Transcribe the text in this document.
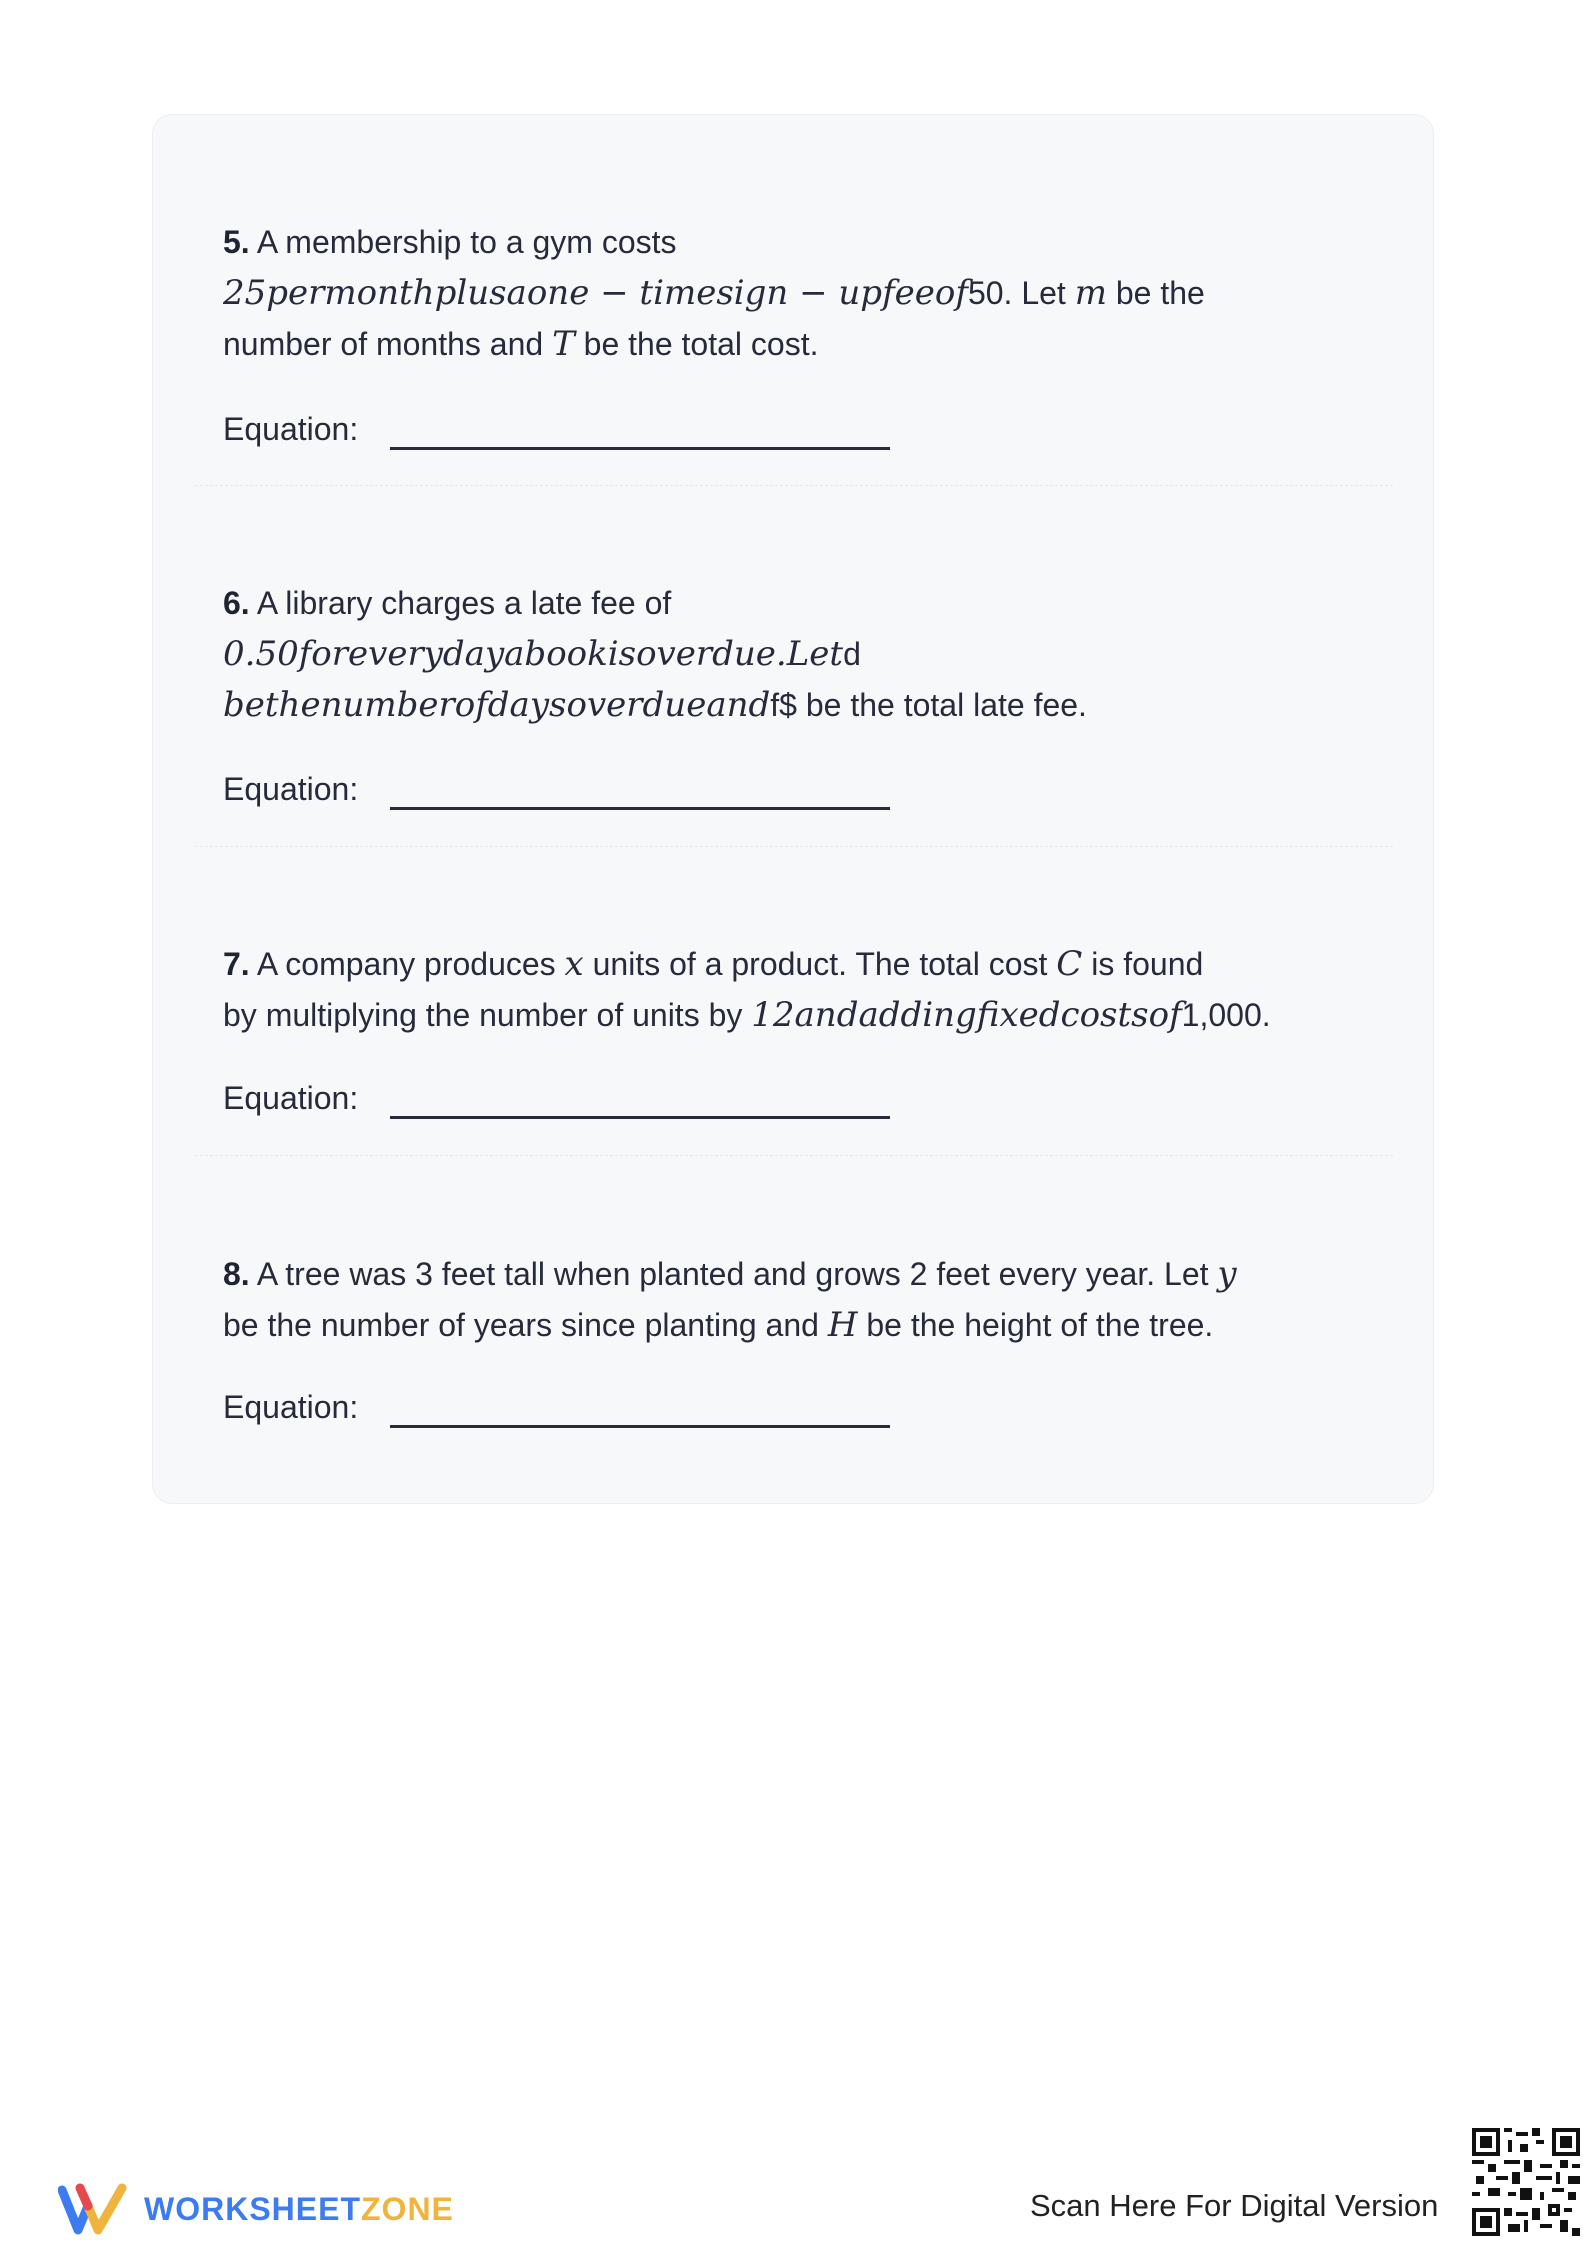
5. A membership to a gym costs
25permonthplusaone − timesign − upfeeof50. Let m be the
number of months and T be the total cost.

Equation:

6. A library charges a late fee of
0.50foreverydayabookisoverdue.Letd
bethenumberofdaysoverdueandf$ be the total late fee.

Equation:

7. A company produces x units of a product. The total cost C is found
by multiplying the number of units by 12andaddingfixedcostsof1,000.

Equation:

8. A tree was 3 feet tall when planted and grows 2 feet every year. Let y
be the number of years since planting and H be the height of the tree.

Equation:
WORKSHEETZONE	Scan Here For Digital Version
